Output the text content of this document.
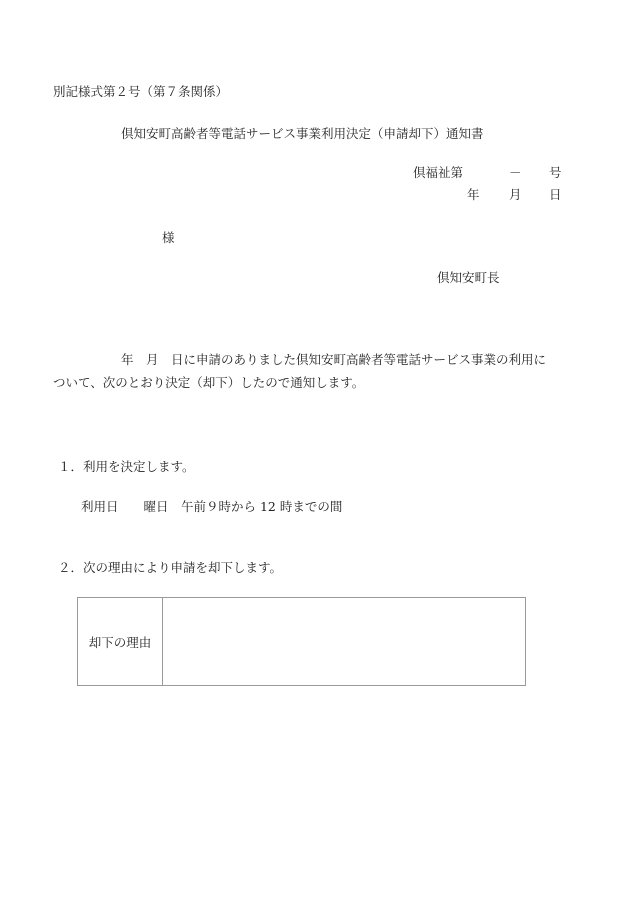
別記様式第２号（第７条関係）
倶知安町高齢者等電話サービス事業利用決定（申請却下）通知書
倶福祉第	－ 号
年 月 日
様
倶知安町長
年　月　日に申請のありました倶知安町高齢者等電話サービス事業の利用に
ついて、次のとおり決定（却下）したので通知します。
１．利用を決定します。
利用日　　曜日　午前９時から 12 時までの間
２．次の理由により申請を却下します。
却下の理由
